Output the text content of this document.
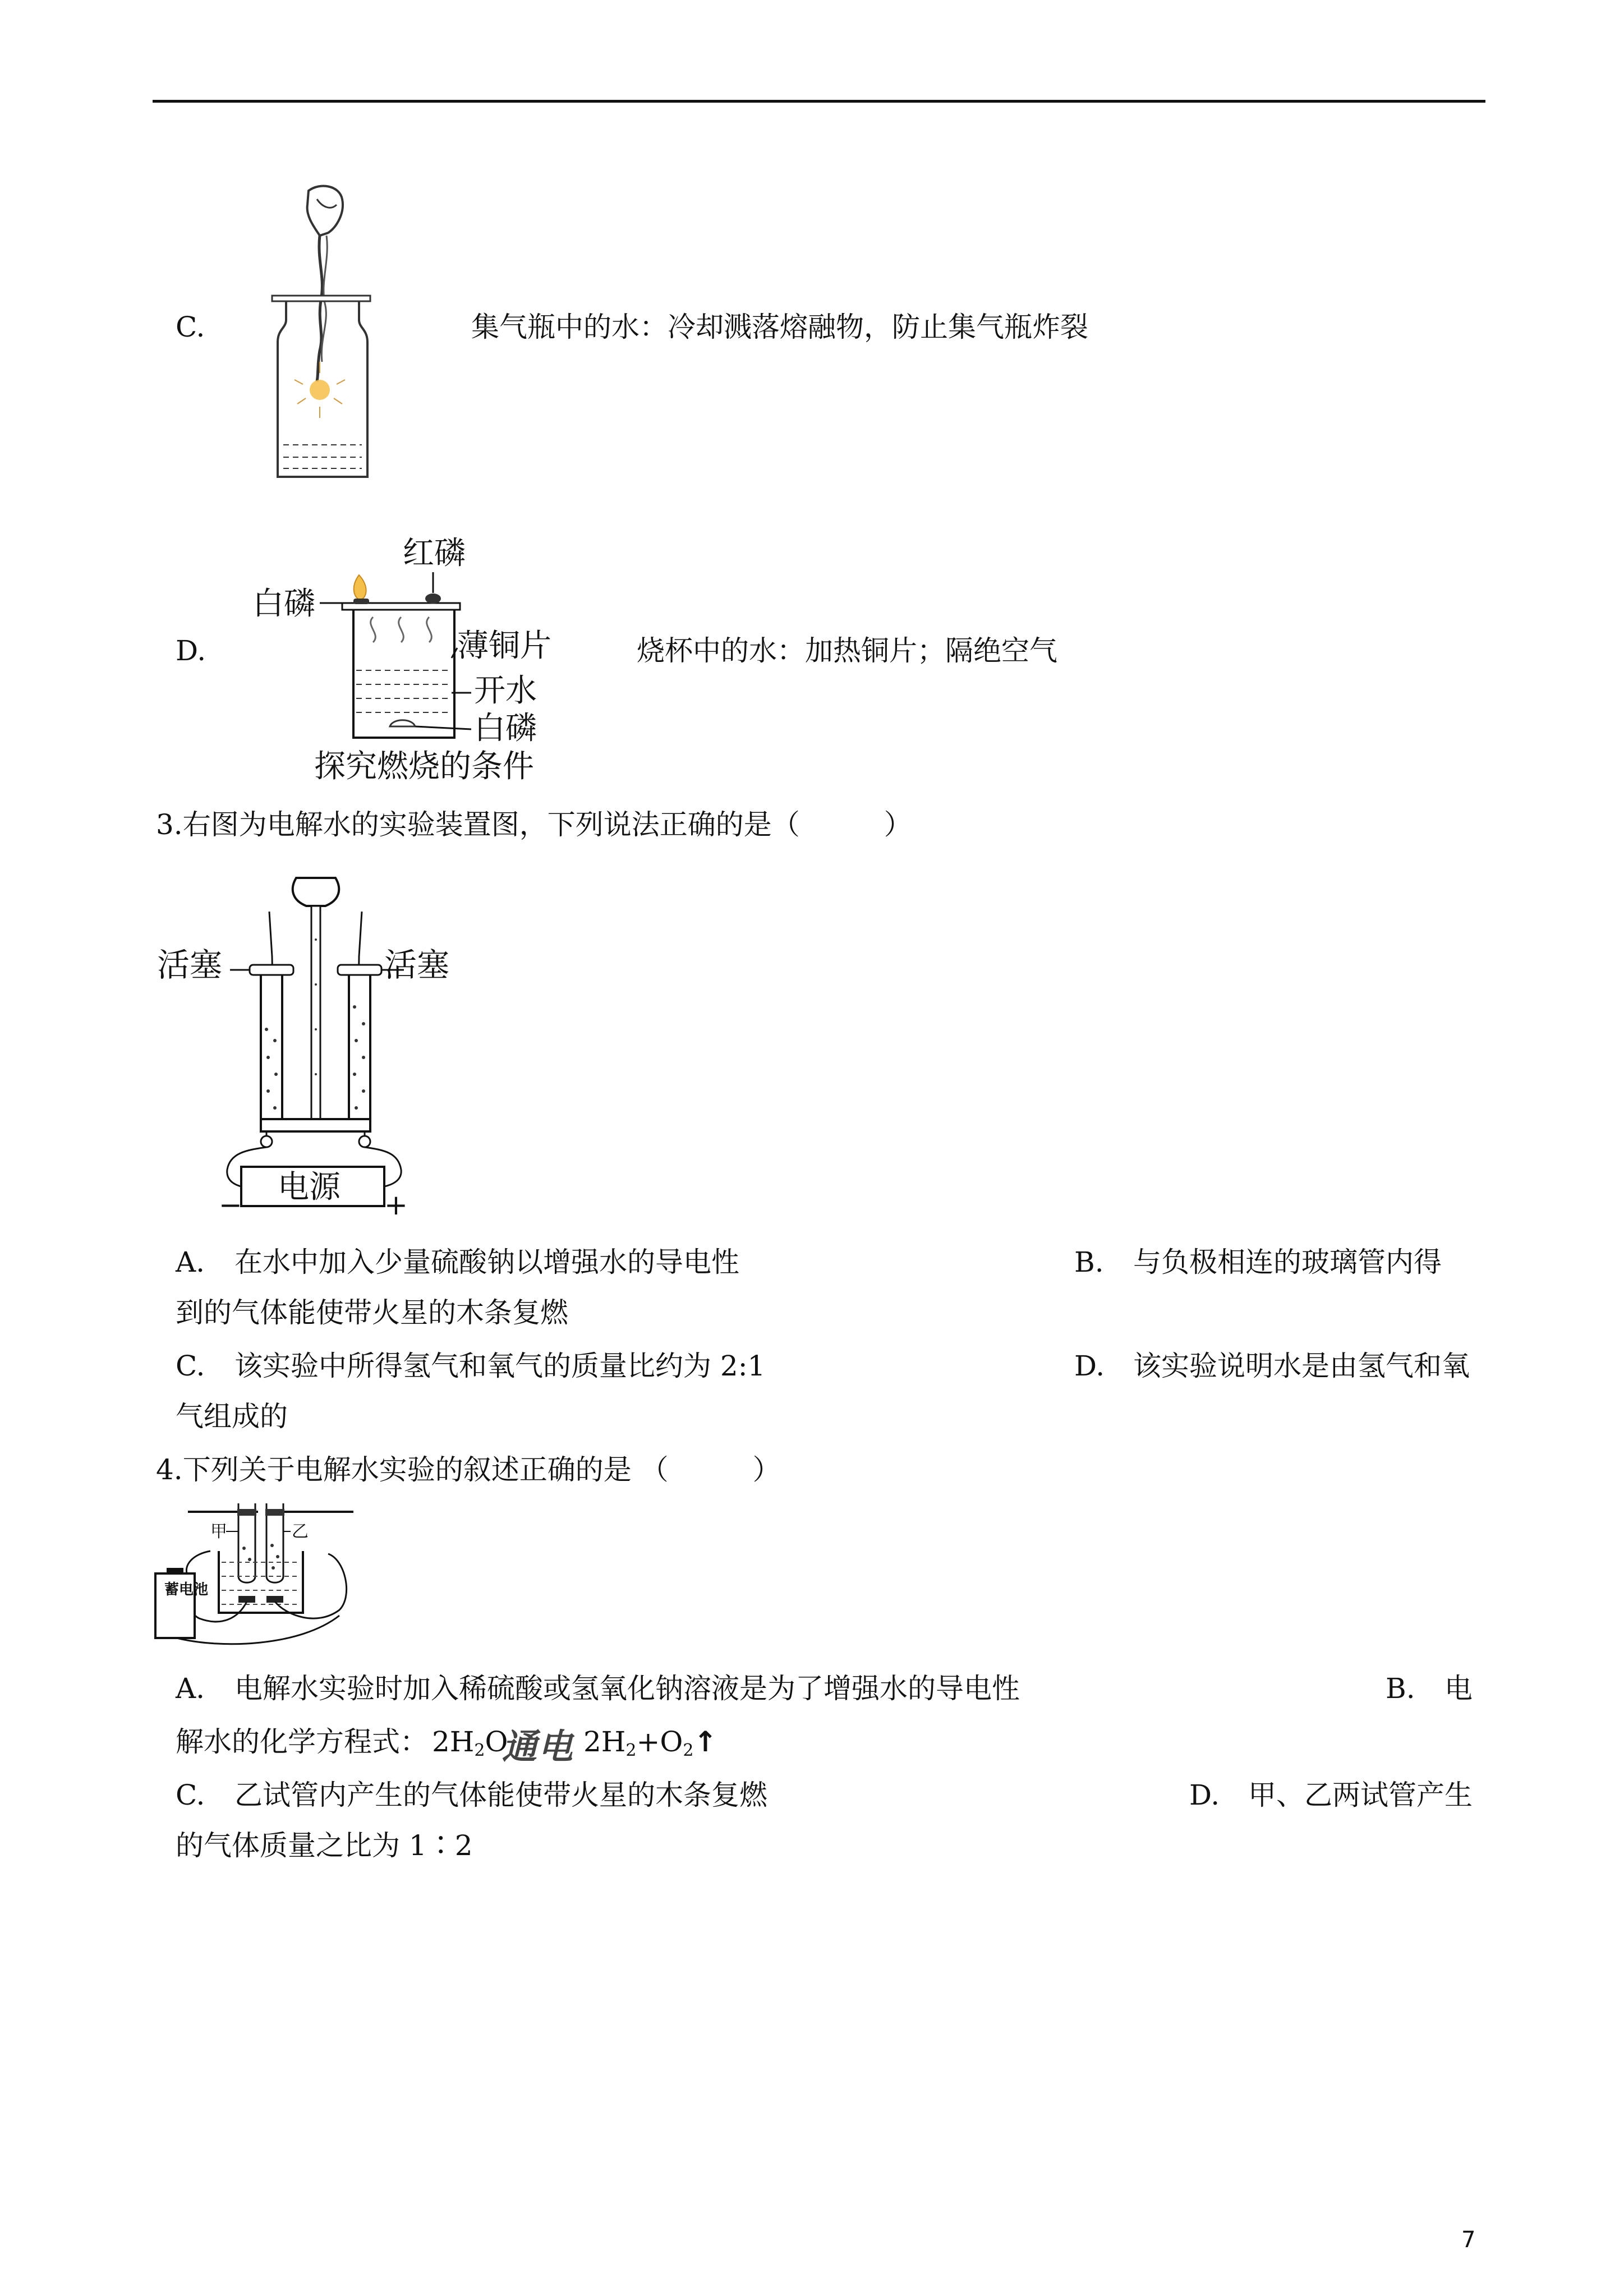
C.	集气瓶中的水：冷却溅落熔融物，防止集气瓶炸裂
D.
红磷
白磷
薄铜片
开水
白磷
探究燃烧的条件
烧杯中的水：加热铜片；隔绝空气
3.右图为电解水的实验装置图，下列说法正确的是（　　　）
活塞	活塞
电源
−	+
A. 在水中加入少量硫酸钠以增强水的导电性	B. 与负极相连的玻璃管内得
到的气体能使带火星的木条复燃
C. 该实验中所得氢气和氧气的质量比约为 2:1	D. 该实验说明水是由氢气和氧
气组成的
4.下列关于电解水实验的叙述正确的是 （　　　）
甲	乙
蓄电池
A. 电解水实验时加入稀硫酸或氢氧化钠溶液是为了增强水的导电性	B. 电
解水的化学方程式： $2H_2O$
通电 $2H_2+O_2↑$
C. 乙试管内产生的气体能使带火星的木条复燃	D. 甲、乙两试管产生
的气体质量之比为 1∶2
7
